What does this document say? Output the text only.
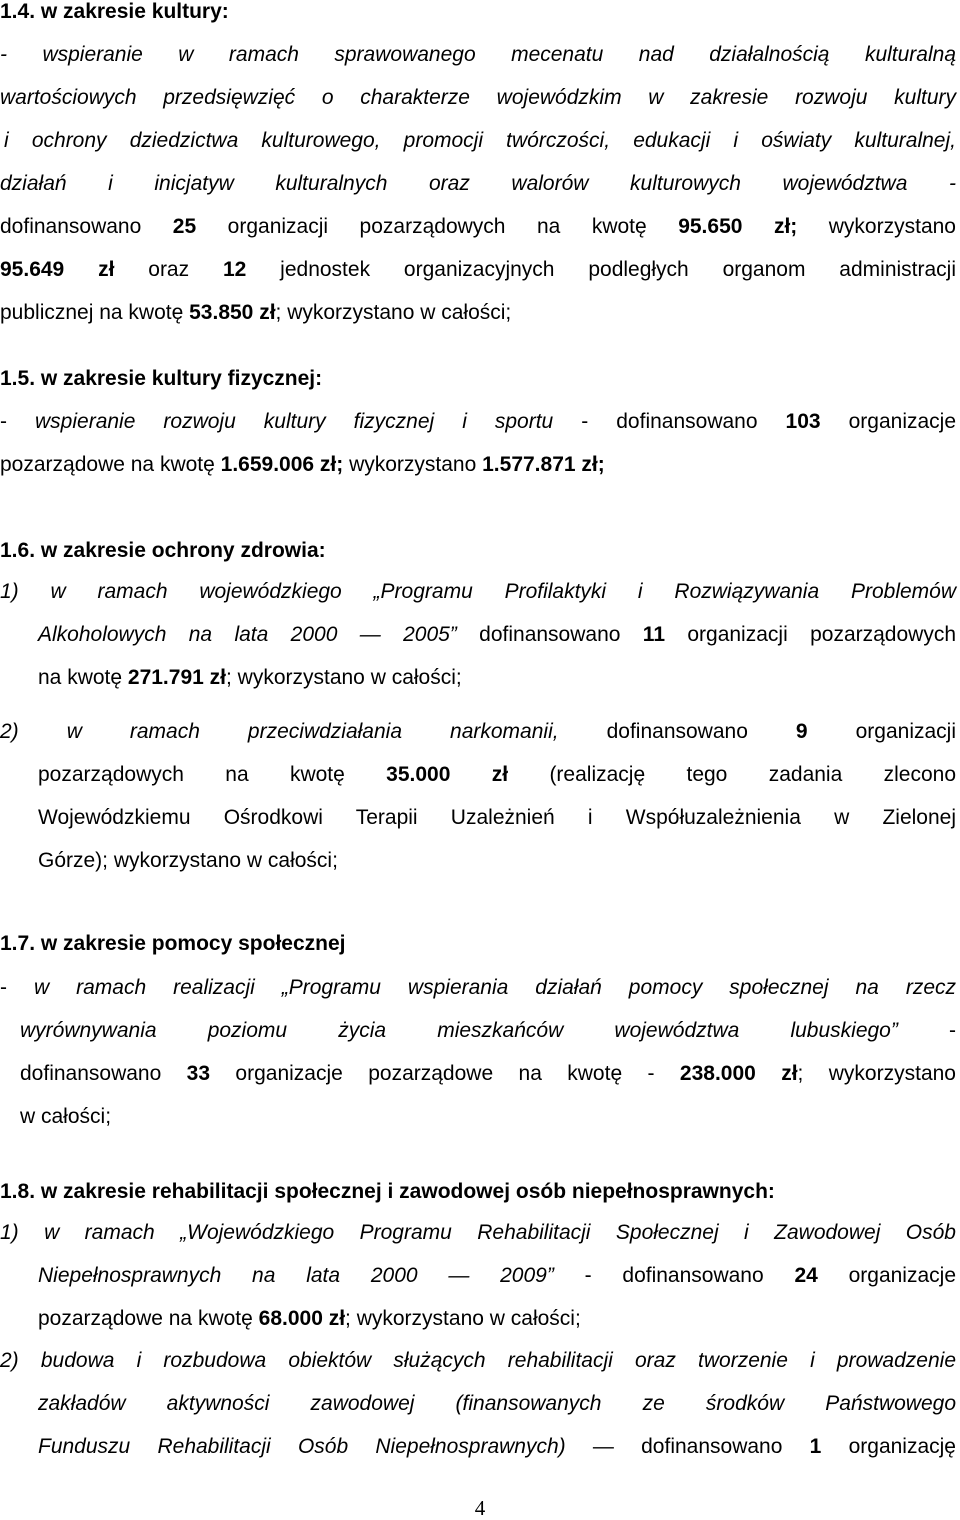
4
1.4. w zakresie kultury:
- wspieranie w ramach sprawowanego mecenatu nad działalnością kulturalną
wartościowych przedsięwzięć o charakterze wojewódzkim w zakresie rozwoju kultury
i ochrony dziedzictwa kulturowego, promocji twórczości, edukacji i oświaty kulturalnej,
działań i inicjatyw kulturalnych oraz walorów kulturowych województwa -
dofinansowano 25 organizacji pozarządowych na kwotę 95.650 zł; wykorzystano
95.649 zł oraz 12 jednostek organizacyjnych podległych organom administracji
publicznej na kwotę 53.850 zł; wykorzystano w całości;
1.5. w zakresie kultury fizycznej:
- wspieranie rozwoju kultury fizycznej i sportu - dofinansowano 103 organizacje
pozarządowe na kwotę 1.659.006 zł; wykorzystano 1.577.871 zł;
1.6. w zakresie ochrony zdrowia:
1) w ramach wojewódzkiego „Programu Profilaktyki i Rozwiązywania Problemów
Alkoholowych na lata 2000 — 2005” dofinansowano 11 organizacji pozarządowych
na kwotę 271.791 zł; wykorzystano w całości;
2) w ramach przeciwdziałania narkomanii, dofinansowano 9 organizacji
pozarządowych na kwotę 35.000 zł (realizację tego zadania zlecono
Wojewódzkiemu Ośrodkowi Terapii Uzależnień i Współuzależnienia w Zielonej
Górze); wykorzystano w całości;
1.7. w zakresie pomocy społecznej
- w ramach realizacji „Programu wspierania działań pomocy społecznej na rzecz
wyrównywania poziomu życia mieszkańców województwa lubuskiego” -
dofinansowano 33 organizacje pozarządowe na kwotę - 238.000 zł; wykorzystano
w całości;
1.8. w zakresie rehabilitacji społecznej i zawodowej osób niepełnosprawnych:
1) w ramach „Wojewódzkiego Programu Rehabilitacji Społecznej i Zawodowej Osób
Niepełnosprawnych na lata 2000 — 2009” - dofinansowano 24 organizacje
pozarządowe na kwotę 68.000 zł; wykorzystano w całości;
2) budowa i rozbudowa obiektów służących rehabilitacji oraz tworzenie i prowadzenie
zakładów aktywności zawodowej (finansowanych ze środków Państwowego
Funduszu Rehabilitacji Osób Niepełnosprawnych) — dofinansowano 1 organizację
